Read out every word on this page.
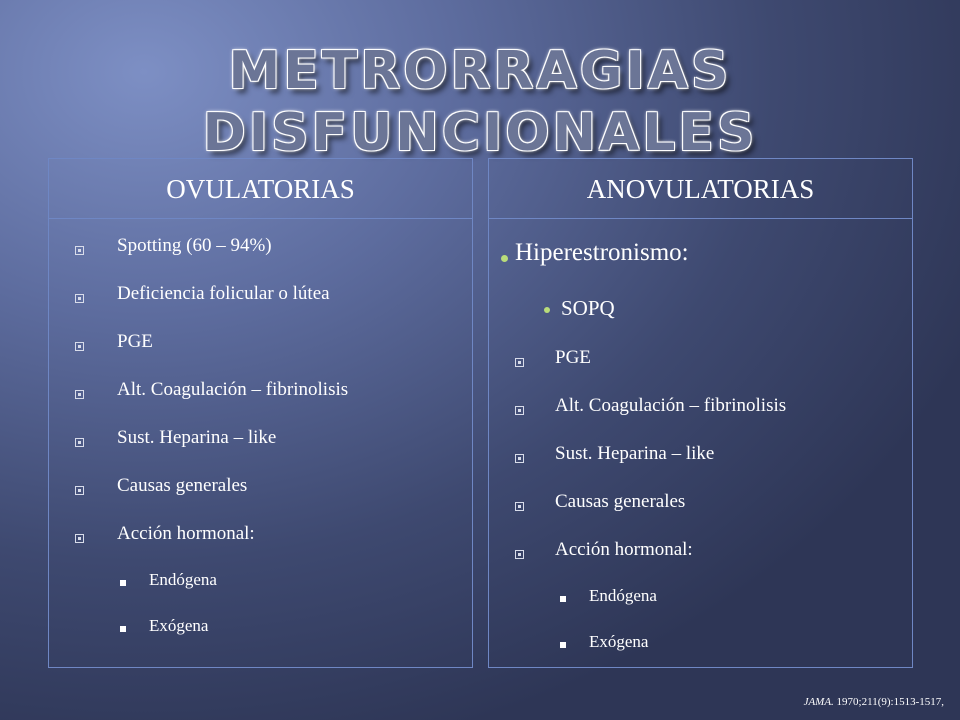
METRORRAGIAS
DISFUNCIONALES
OVULATORIAS
Spotting (60 – 94%)
Deficiencia folicular o lútea
PGE
Alt. Coagulación – fibrinolisis
Sust. Heparina – like
Causas generales
Acción hormonal:
Endógena
Exógena
ANOVULATORIAS
Hiperestronismo:
SOPQ
PGE
Alt. Coagulación – fibrinolisis
Sust. Heparina – like
Causas generales
Acción hormonal:
Endógena
Exógena
JAMA. 1970;211(9):1513-1517,
